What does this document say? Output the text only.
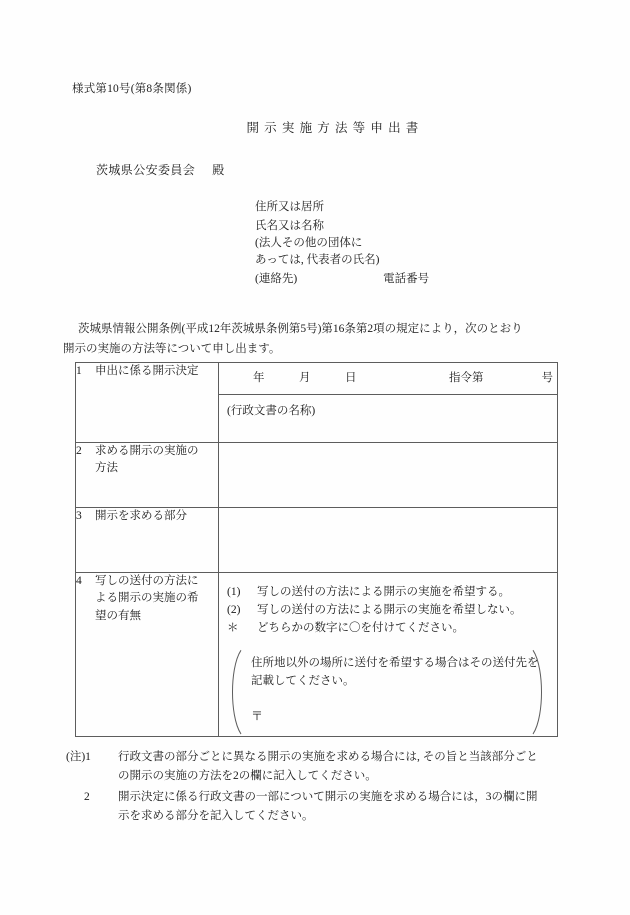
様式第10号(第8条関係)
開示実施方法等申出書
茨城県公安委員会 殿
住所又は居所
氏名又は名称
(法人その他の団体に
あっては, 代表者の氏名)
(連絡先)	電話番号
茨城県情報公開条例(平成12年茨城県条例第5号)第16条第2項の規定により，次のとおり
開示の実施の方法等について申し出ます。
1 申出に係る開示決定	年 月 日 指令第 号
(行政文書の名称)

2 求める開示の実施の方法	
3 開示を求める部分	
4 写しの送付の方法による開示の実施の希望の有無	(1) 写しの送付の方法による開示の実施を希望する。
(2) 写しの送付の方法による開示の実施を希望しない。
＊ どちらかの数字に〇を付けてください。
住所地以外の場所に送付を希望する場合はその送付先を 記載してください。
〒
(注)1 行政文書の部分ごとに異なる開示の実施を求める場合には, その旨と当該部分ごと
の開示の実施の方法を2の欄に記入してください。
2 開示決定に係る行政文書の一部について開示の実施を求める場合には，3の欄に開
示を求める部分を記入してください。
